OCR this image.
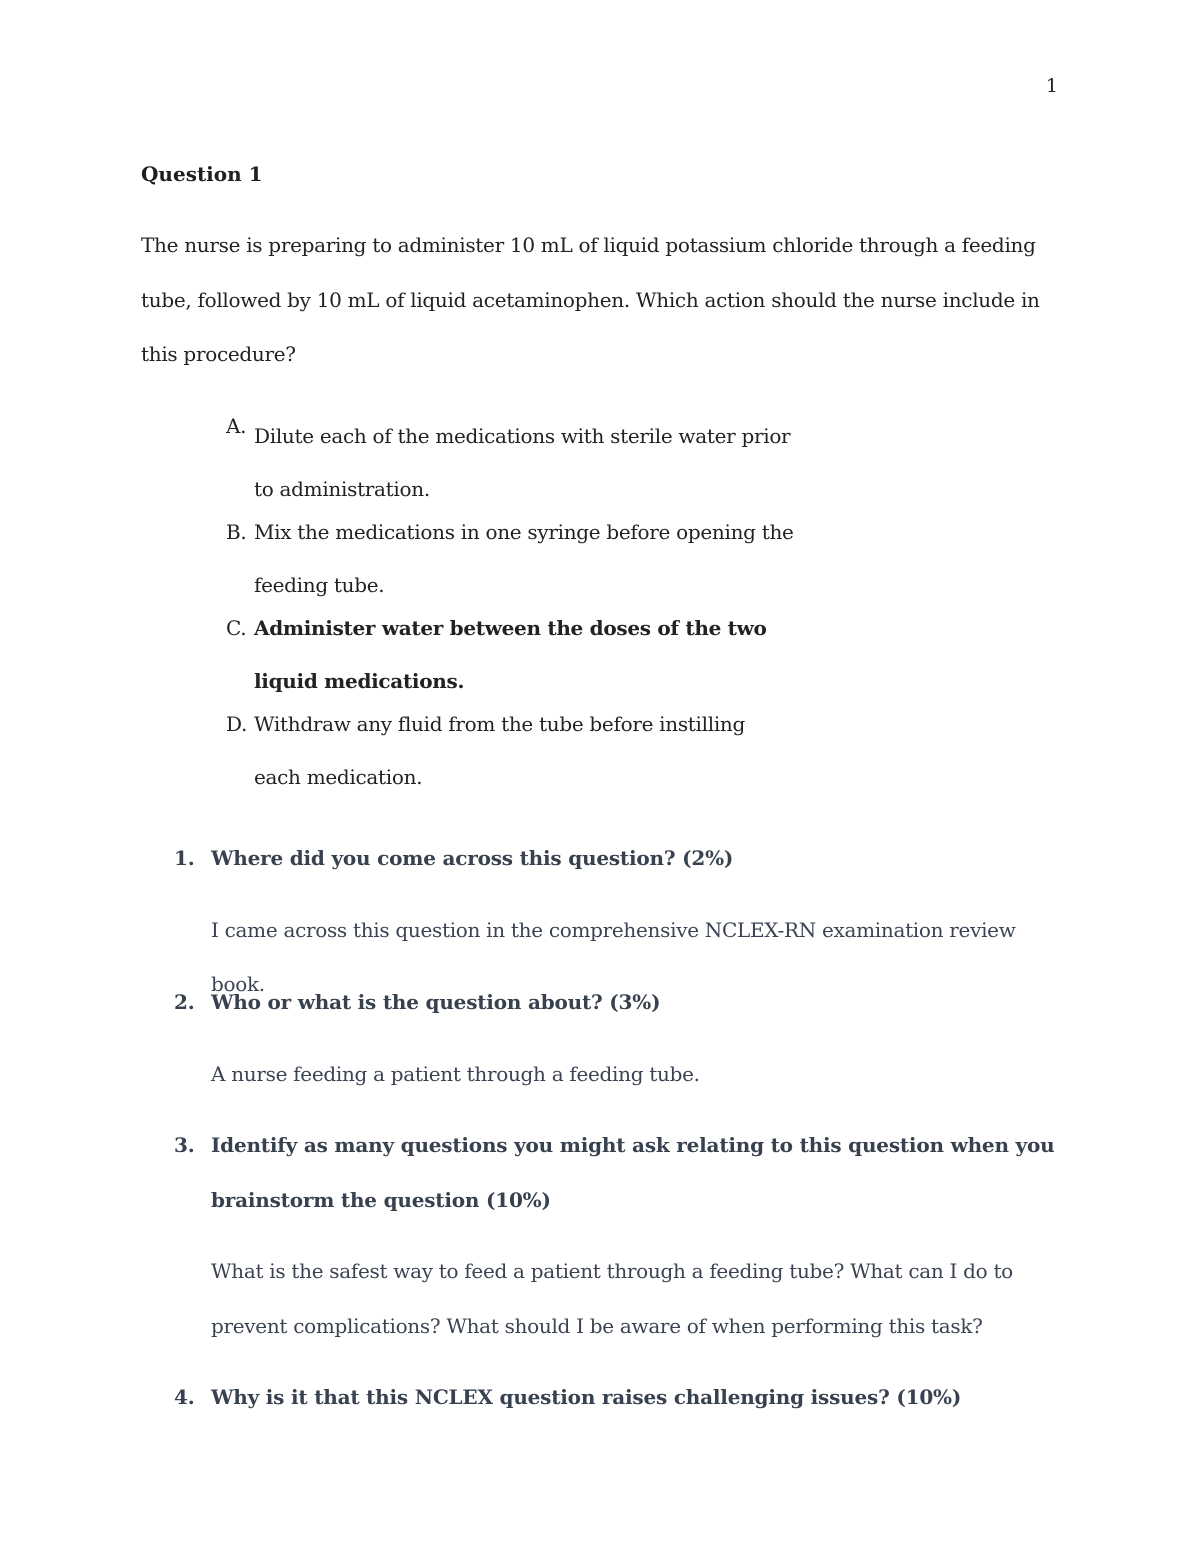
1
Question 1
The nurse is preparing to administer 10 mL of liquid potassium chloride through a feeding tube, followed by 10 mL of liquid acetaminophen. Which action should the nurse include in this procedure?
A. Dilute each of the medications with sterile water prior to administration.
B. Mix the medications in one syringe before opening the feeding tube.
C. Administer water between the doses of the two liquid medications.
D. Withdraw any fluid from the tube before instilling each medication.
1. Where did you come across this question? (2%)
I came across this question in the comprehensive NCLEX-RN examination review book.
2. Who or what is the question about? (3%)
A nurse feeding a patient through a feeding tube.
3. Identify as many questions you might ask relating to this question when you brainstorm the question (10%)
What is the safest way to feed a patient through a feeding tube? What can I do to prevent complications? What should I be aware of when performing this task?
4. Why is it that this NCLEX question raises challenging issues? (10%)
